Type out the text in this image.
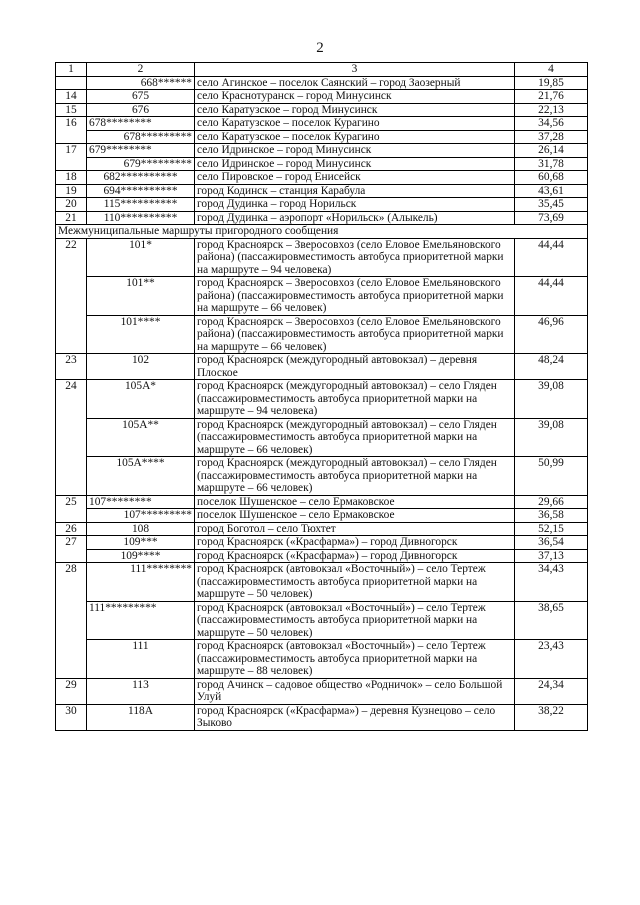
2
1	2	3	4
	668******	село Агинское – поселок Саянский – город Заозерный	19,85
14	675	село Краснотуранск – город Минусинск	21,76
15	676	село Каратузское – город Минусинск	22,13
16	678********	село Каратузское – поселок Курагино	34,56
	678*********	село Каратузское – поселок Курагино	37,28
17	679********	село Идринское – город Минусинск	26,14
	679*********	село Идринское – город Минусинск	31,78
18	682**********	село Пировское – город Енисейск	60,68
19	694**********	город Кодинск – станция Карабула	43,61
20	115**********	город Дудинка – город Норильск	35,45
21	110**********	город Дудинка – аэропорт «Норильск» (Алыкель)	73,69
Межмуниципальные маршруты пригородного сообщения			
22	101*	город Красноярск – Зверосовхоз (село Еловое Емельяновского района) (пассажировместимость автобуса приоритетной марки на маршруте – 94 человека)	44,44
	101**	город Красноярск – Зверосовхоз (село Еловое Емельяновского района) (пассажировместимость автобуса приоритетной марки на маршруте – 66 человек)	44,44
	101****	город Красноярск – Зверосовхоз (село Еловое Емельяновского района) (пассажировместимость автобуса приоритетной марки на маршруте – 66 человек)	46,96
23	102	город Красноярск (междугородный автовокзал) – деревня Плоское	48,24
24	105А*	город Красноярск (междугородный автовокзал) – село Гляден (пассажировместимость автобуса приоритетной марки на маршруте – 94 человека)	39,08
	105А**	город Красноярск (междугородный автовокзал) – село Гляден (пассажировместимость автобуса приоритетной марки на маршруте – 66 человек)	39,08
	105А****	город Красноярск (междугородный автовокзал) – село Гляден (пассажировместимость автобуса приоритетной марки на маршруте – 66 человек)	50,99
25	107********	поселок Шушенское – село Ермаковское	29,66
	107*********	поселок Шушенское – село Ермаковское	36,58
26	108	город Боготол – село Тюхтет	52,15
27	109***	город Красноярск («Красфарма») – город Дивногорск	36,54
	109****	город Красноярск («Красфарма») – город Дивногорск	37,13
28	111********	город Красноярск (автовокзал «Восточный») – село Тертеж (пассажировместимость автобуса приоритетной марки на маршруте – 50 человек)	34,43
	111*********	город Красноярск (автовокзал «Восточный») – село Тертеж (пассажировместимость автобуса приоритетной марки на маршруте – 50 человек)	38,65
	111	город Красноярск (автовокзал «Восточный») – село Тертеж (пассажировместимость автобуса приоритетной марки на маршруте – 88 человек)	23,43
29	113	город Ачинск – садовое общество «Родничок» – село Большой Улуй	24,34
30	118А	город Красноярск («Красфарма») – деревня Кузнецово – село Зыково	38,22
